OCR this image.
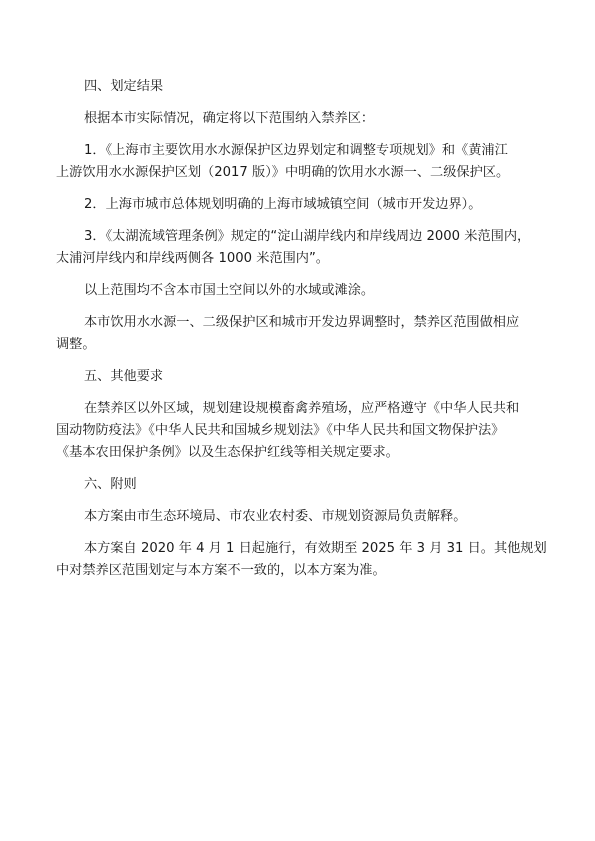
四、划定结果

根据本市实际情况，确定将以下范围纳入禁养区：

1．《上海市主要饮用水水源保护区边界划定和调整专项规划》和《黄浦江

上游饮用水水源保护区划（2017 版）》中明确的饮用水水源一、二级保护区。

2．上海市城市总体规划明确的上海市域城镇空间（城市开发边界）。

3．《太湖流域管理条例》规定的“淀山湖岸线内和岸线周边 2000 米范围内，

太浦河岸线内和岸线两侧各 1000 米范围内”。

以上范围均不含本市国土空间以外的水域或滩涂。

本市饮用水水源一、二级保护区和城市开发边界调整时，禁养区范围做相应

调整。

五、其他要求

在禁养区以外区域，规划建设规模畜禽养殖场，应严格遵守《中华人民共和

国动物防疫法》《中华人民共和国城乡规划法》《中华人民共和国文物保护法》

《基本农田保护条例》以及生态保护红线等相关规定要求。

六、附则

本方案由市生态环境局、市农业农村委、市规划资源局负责解释。

本方案自 2020 年 4 月 1 日起施行，有效期至 2025 年 3 月 31 日。其他规划

中对禁养区范围划定与本方案不一致的，以本方案为准。
